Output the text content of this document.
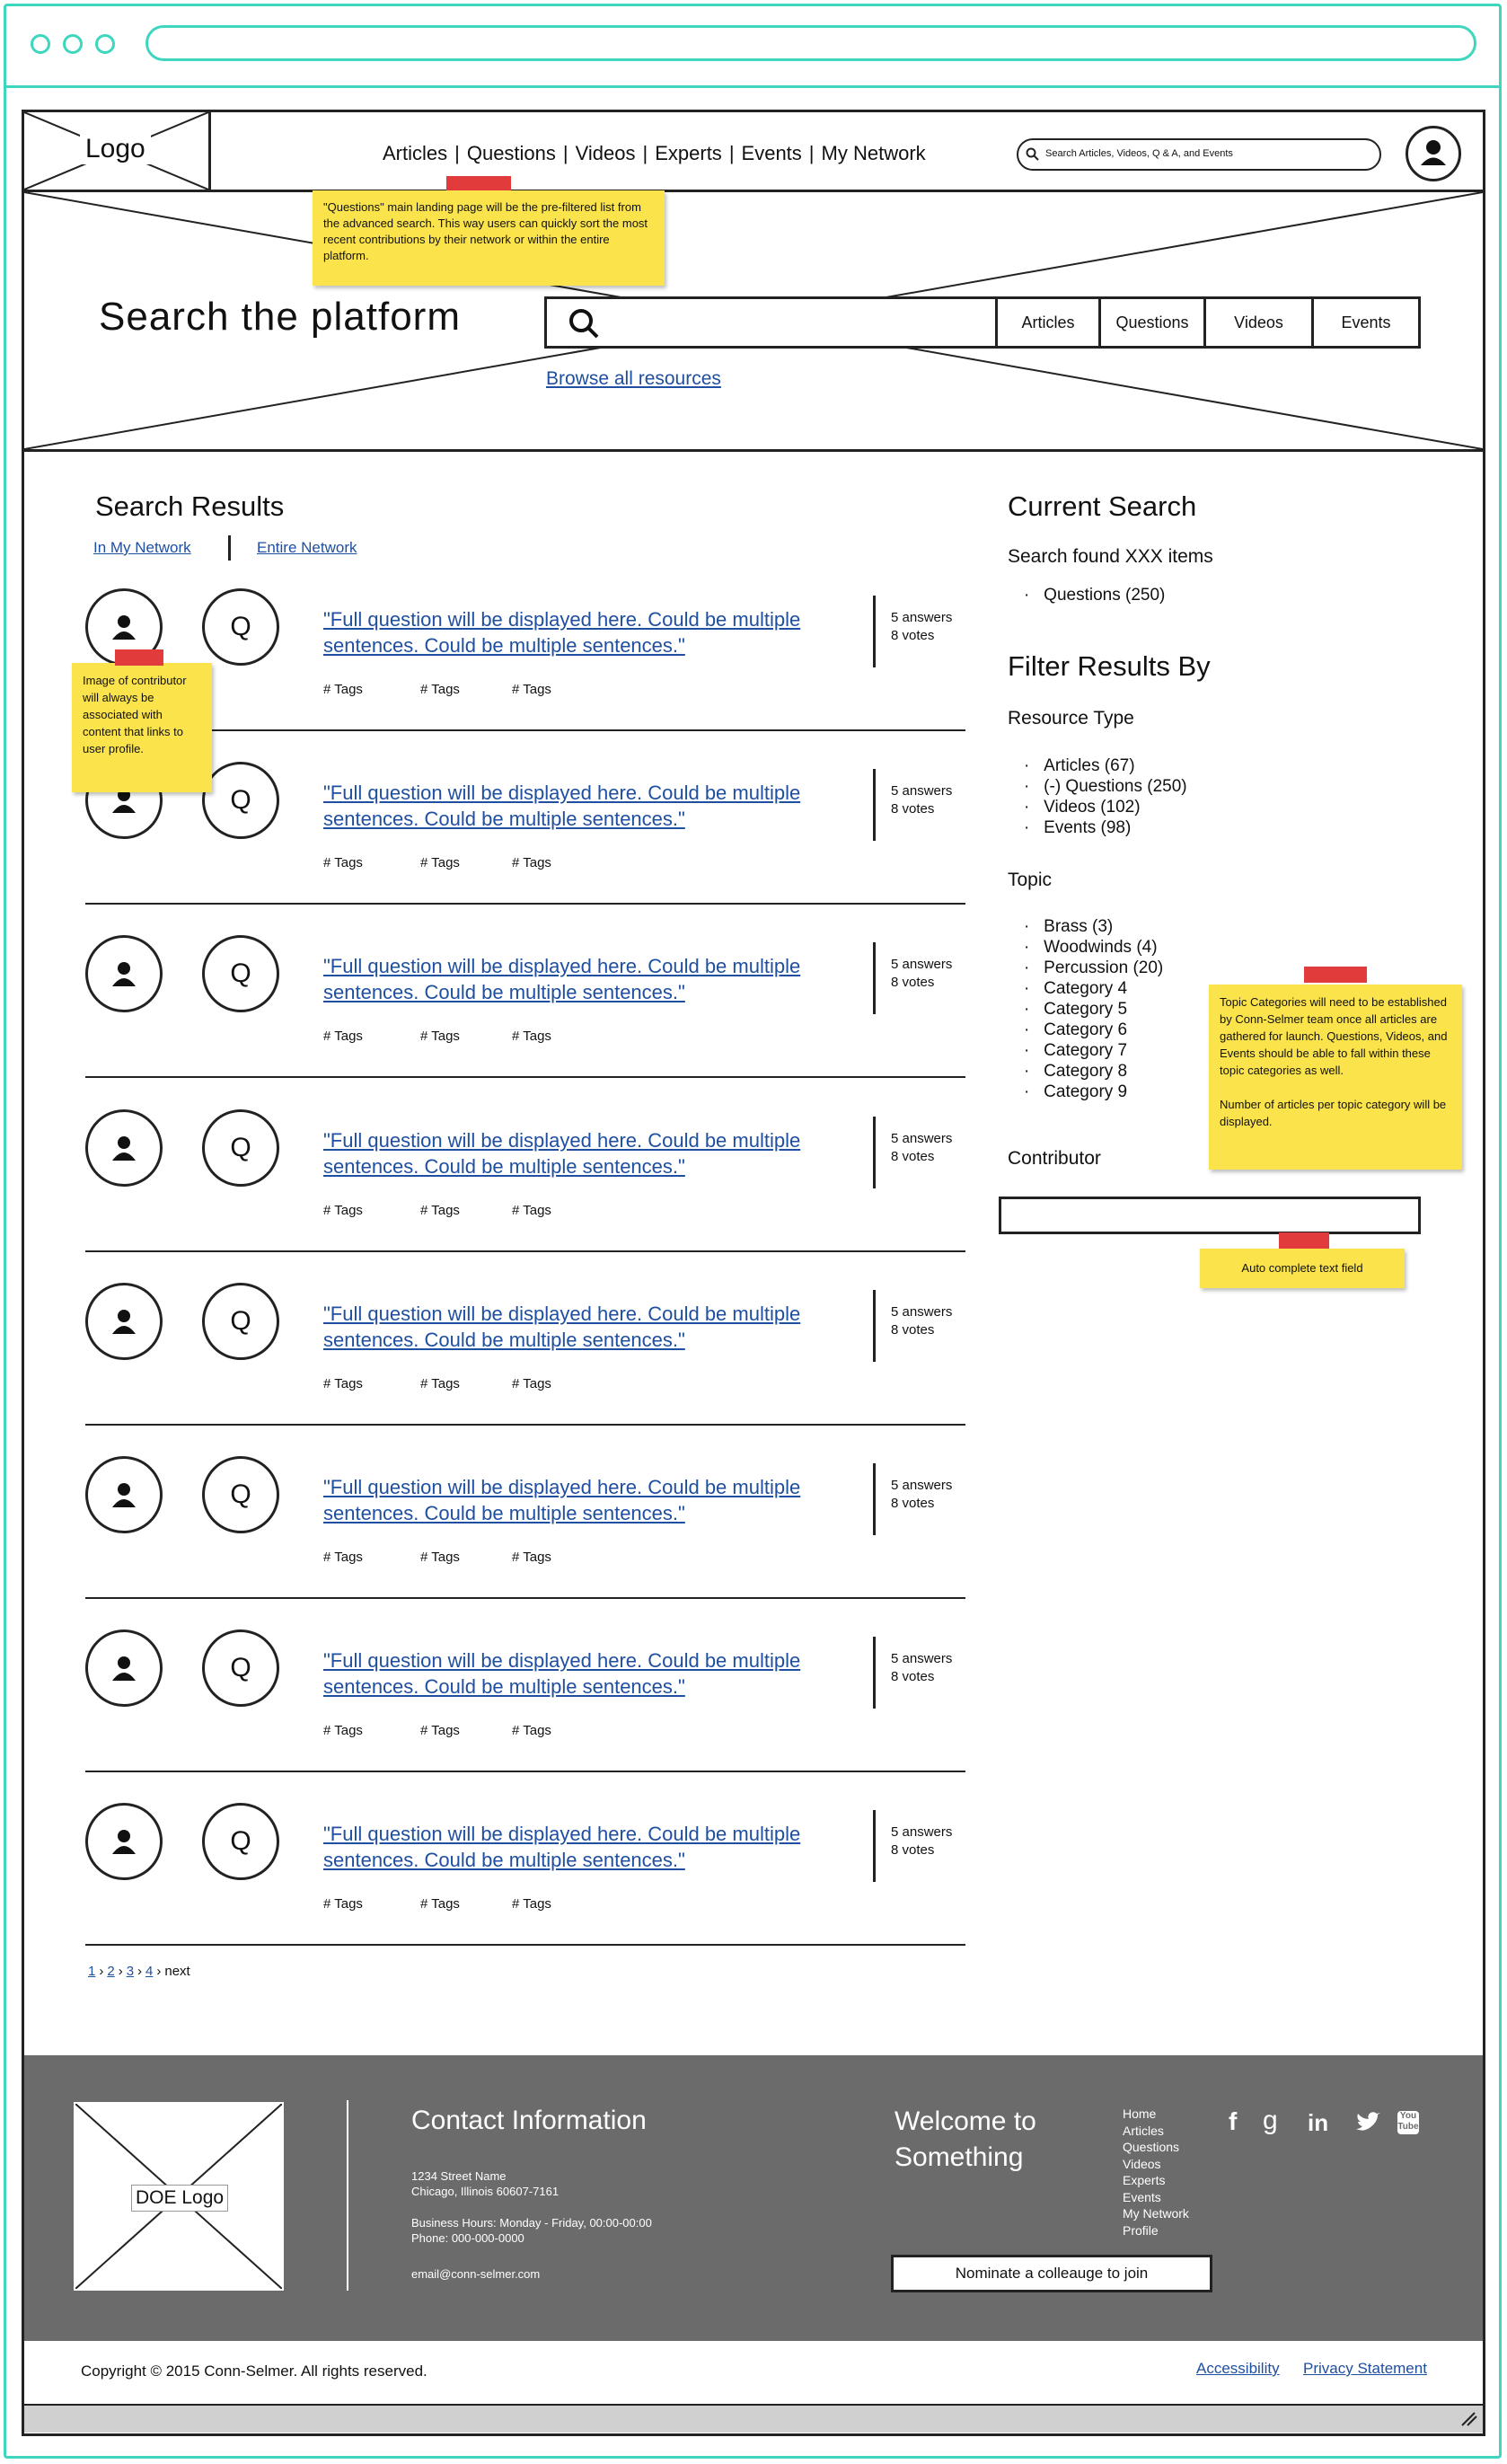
Logo	Articles | Questions | Videos | Experts | Events | My Network	Search Articles, Videos, Q & A, and Events
"Questions" main landing page will be the pre-filtered list from the advanced search. This way users can quickly sort the most recent contributions by their network or within the entire platform.
Search the platform	Articles	Questions	Videos	Events
Browse all resources
Search Results
In My Network	Entire Network
Q	"Full question will be displayed here. Could be multiple sentences. Could be multiple sentences."
5 answers
8 votes
# Tags	# Tags	# Tags
Q	"Full question will be displayed here. Could be multiple sentences. Could be multiple sentences."
5 answers
8 votes
# Tags	# Tags	# Tags
Q	"Full question will be displayed here. Could be multiple sentences. Could be multiple sentences."
5 answers
8 votes
# Tags	# Tags	# Tags
Q	"Full question will be displayed here. Could be multiple sentences. Could be multiple sentences."
5 answers
8 votes
# Tags	# Tags	# Tags
Q	"Full question will be displayed here. Could be multiple sentences. Could be multiple sentences."
5 answers
8 votes
# Tags	# Tags	# Tags
Q	"Full question will be displayed here. Could be multiple sentences. Could be multiple sentences."
5 answers
8 votes
# Tags	# Tags	# Tags
Q	"Full question will be displayed here. Could be multiple sentences. Could be multiple sentences."
5 answers
8 votes
# Tags	# Tags	# Tags
Q	"Full question will be displayed here. Could be multiple sentences. Could be multiple sentences."
5 answers
8 votes
# Tags	# Tags	# Tags
Image of contributor will always be associated with content that links to user profile.
1 › 2 › 3 › 4 › next
Current Search
Search found XXX items
·   Questions (250)
Filter Results By
Resource Type
·   Articles (67)
·   (-) Questions (250)
·   Videos (102)
·   Events (98)
Topic
·   Brass (3)
·   Woodwinds (4)
·   Percussion (20)
·   Category 4
·   Category 5
·   Category 6
·   Category 7
·   Category 8
·   Category 9
Topic Categories will need to be established by Conn-Selmer team once all articles are gathered for launch. Questions, Videos, and Events should be able to fall within these topic categories as well.
Number of articles per topic category will be displayed.
Contributor
Auto complete text field
DOE Logo
Contact Information
1234 Street Name
Chicago, Illinois 60607-7161
Business Hours: Monday - Friday, 00:00-00:00
Phone: 000-000-0000
email@conn-selmer.com
Welcome to
Something
Home
Articles
Questions
Videos
Experts
Events
My Network
Profile
f g in	You
Tube
Nominate a colleauge to join
Copyright © 2015 Conn-Selmer. All rights reserved.	Accessibility Privacy Statement
